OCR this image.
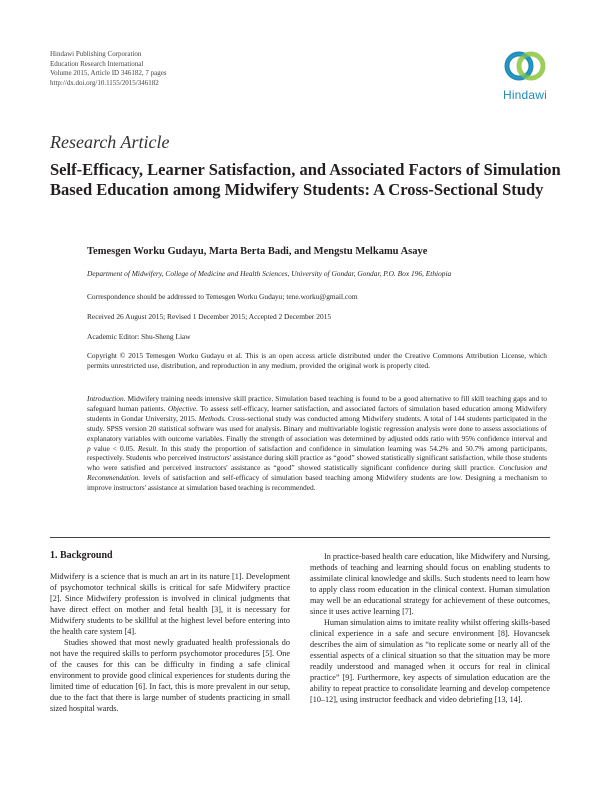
Hindawi Publishing Corporation
Education Research International
Volume 2015, Article ID 346182, 7 pages
http://dx.doi.org/10.1155/2015/346182
Hindawi
Research Article
Self-Efficacy, Learner Satisfaction, and Associated Factors of Simulation Based Education among Midwifery Students: A Cross-Sectional Study
Temesgen Worku Gudayu, Marta Berta Badi, and Mengstu Melkamu Asaye
Department of Midwifery, College of Medicine and Health Sciences, University of Gondar, Gondar, P.O. Box 196, Ethiopia
Correspondence should be addressed to Temesgen Worku Gudayu; tene.worku@gmail.com
Received 26 August 2015; Revised 1 December 2015; Accepted 2 December 2015
Academic Editor: Shu-Sheng Liaw
Copyright © 2015 Temesgen Worku Gudayu et al. This is an open access article distributed under the Creative Commons Attribution License, which permits unrestricted use, distribution, and reproduction in any medium, provided the original work is properly cited.
Introduction. Midwifery training needs intensive skill practice. Simulation based teaching is found to be a good alternative to fill skill teaching gaps and to safeguard human patients. Objective. To assess self-efficacy, learner satisfaction, and associated factors of simulation based education among Midwifery students in Gondar University, 2015. Methods. Cross-sectional study was conducted among Midwifery students. A total of 144 students participated in the study. SPSS version 20 statistical software was used for analysis. Binary and multivariable logistic regression analysis were done to assess associations of explanatory variables with outcome variables. Finally the strength of association was determined by adjusted odds ratio with 95% confidence interval and p value < 0.05. Result. In this study the proportion of satisfaction and confidence in simulation learning was 54.2% and 50.7% among participants, respectively. Students who perceived instructors' assistance during skill practice as “good” showed statistically significant satisfaction, while those students who were satisfied and perceived instructors' assistance as “good” showed statistically significant confidence during skill practice. Conclusion and Recommendation. levels of satisfaction and self-efficacy of simulation based teaching among Midwifery students are low. Designing a mechanism to improve instructors' assistance at simulation based teaching is recommended.
1. Background

Midwifery is a science that is much an art in its nature [1]. Development of psychomotor technical skills is critical for safe Midwifery practice [2]. Since Midwifery profession is involved in clinical judgments that have direct effect on mother and fetal health [3], it is necessary for Midwifery students to be skillful at the highest level before entering into the health care system [4].

Studies showed that most newly graduated health professionals do not have the required skills to perform psychomotor procedures [5]. One of the causes for this can be difficulty in finding a safe clinical environment to provide good clinical experiences for students during the limited time of education [6]. In fact, this is more prevalent in our setup, due to the fact that there is large number of students practicing in small sized hospital wards.

In practice-based health care education, like Midwifery and Nursing, methods of teaching and learning should focus on enabling students to assimilate clinical knowledge and skills. Such students need to learn how to apply class room education in the clinical context. Human simulation may well be an educational strategy for achievement of these outcomes, since it uses active learning [7].

Human simulation aims to imitate reality whilst offering skills-based clinical experience in a safe and secure environment [8]. Hovancsek describes the aim of simulation as “to replicate some or nearly all of the essential aspects of a clinical situation so that the situation may be more readily understood and managed when it occurs for real in clinical practice” [9]. Furthermore, key aspects of simulation education are the ability to repeat practice to consolidate learning and develop competence [10–12], using instructor feedback and video debriefing [13, 14].
